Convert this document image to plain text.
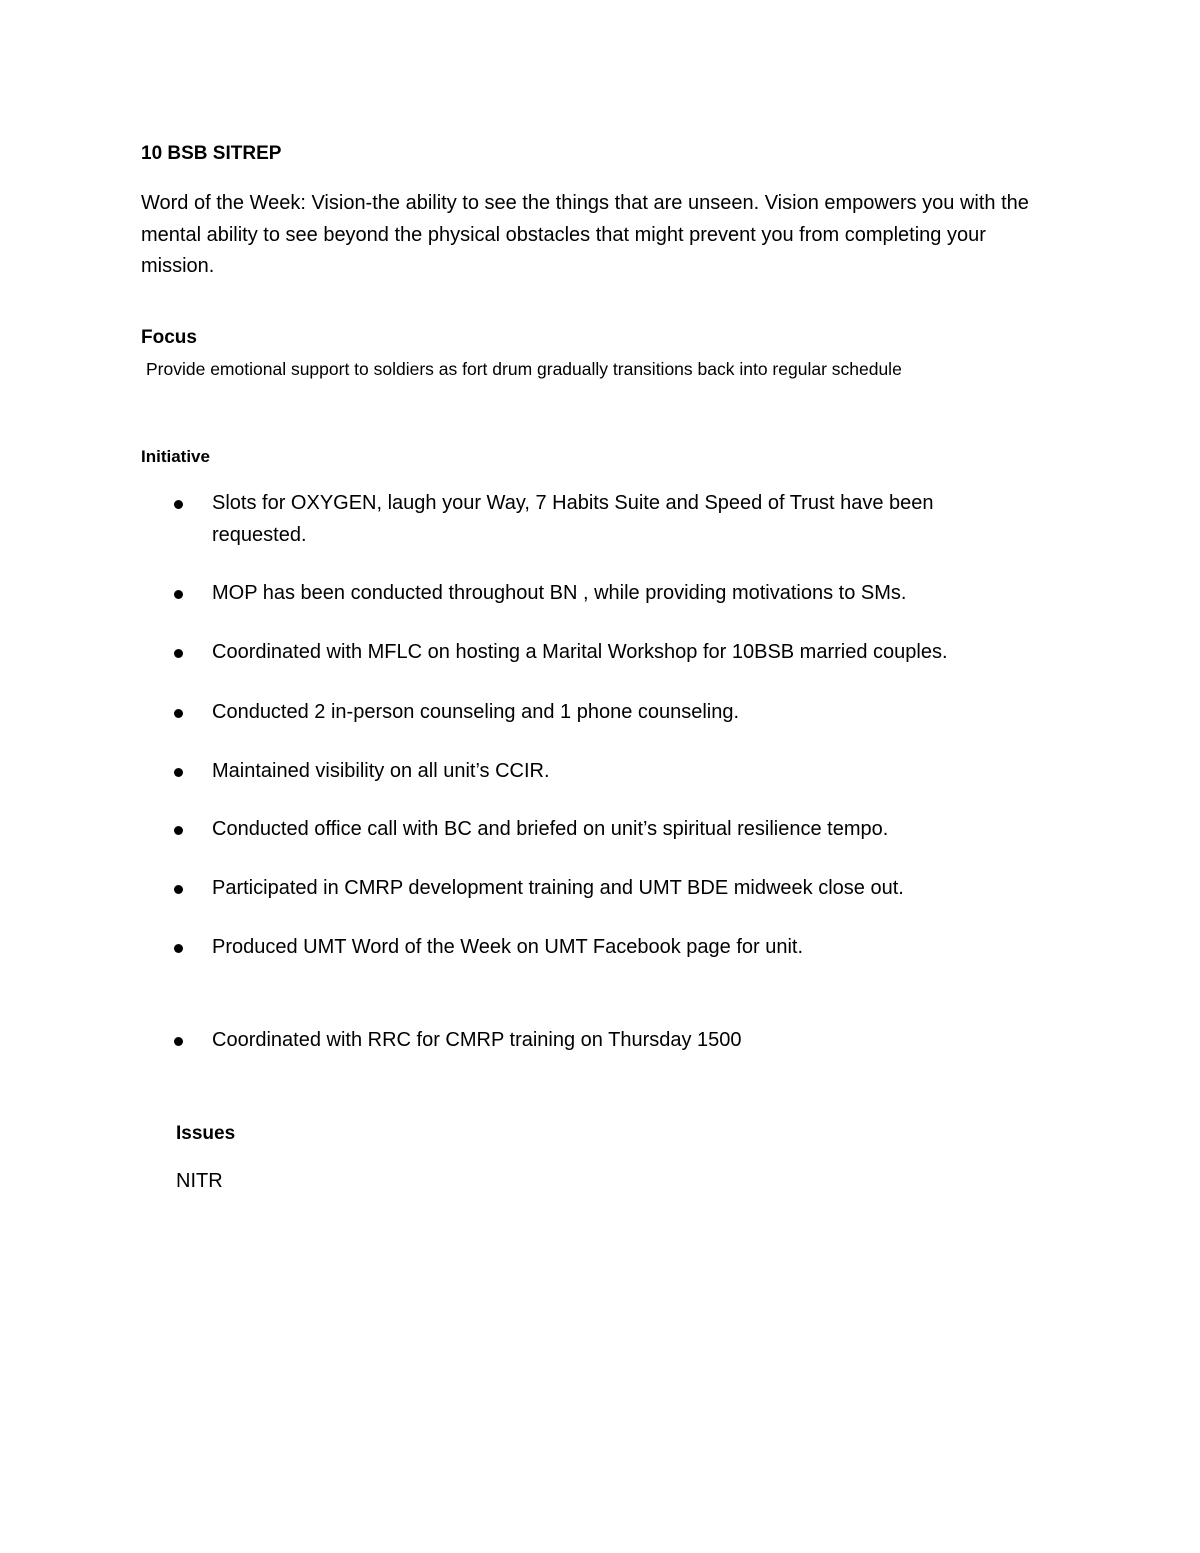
10 BSB SITREP

Word of the Week: Vision-the ability to see the things that are unseen. Vision empowers you with the mental ability to see beyond the physical obstacles that might prevent you from completing your mission.

Focus

Provide emotional support to soldiers as fort drum gradually transitions back into regular schedule

Initiative
Slots for OXYGEN, laugh your Way, 7 Habits Suite and Speed of Trust have been requested.
MOP has been conducted throughout BN , while providing motivations to SMs.
Coordinated with MFLC on hosting a Marital Workshop for 10BSB married couples.
Conducted 2 in-person counseling and 1 phone counseling.
Maintained visibility on all unit’s CCIR.
Conducted office call with BC and briefed on unit’s spiritual resilience tempo.
Participated in CMRP development training and UMT BDE midweek close out.
Produced UMT Word of the Week on UMT Facebook page for unit.
Coordinated with RRC for CMRP training on Thursday 1500
Issues

NITR
